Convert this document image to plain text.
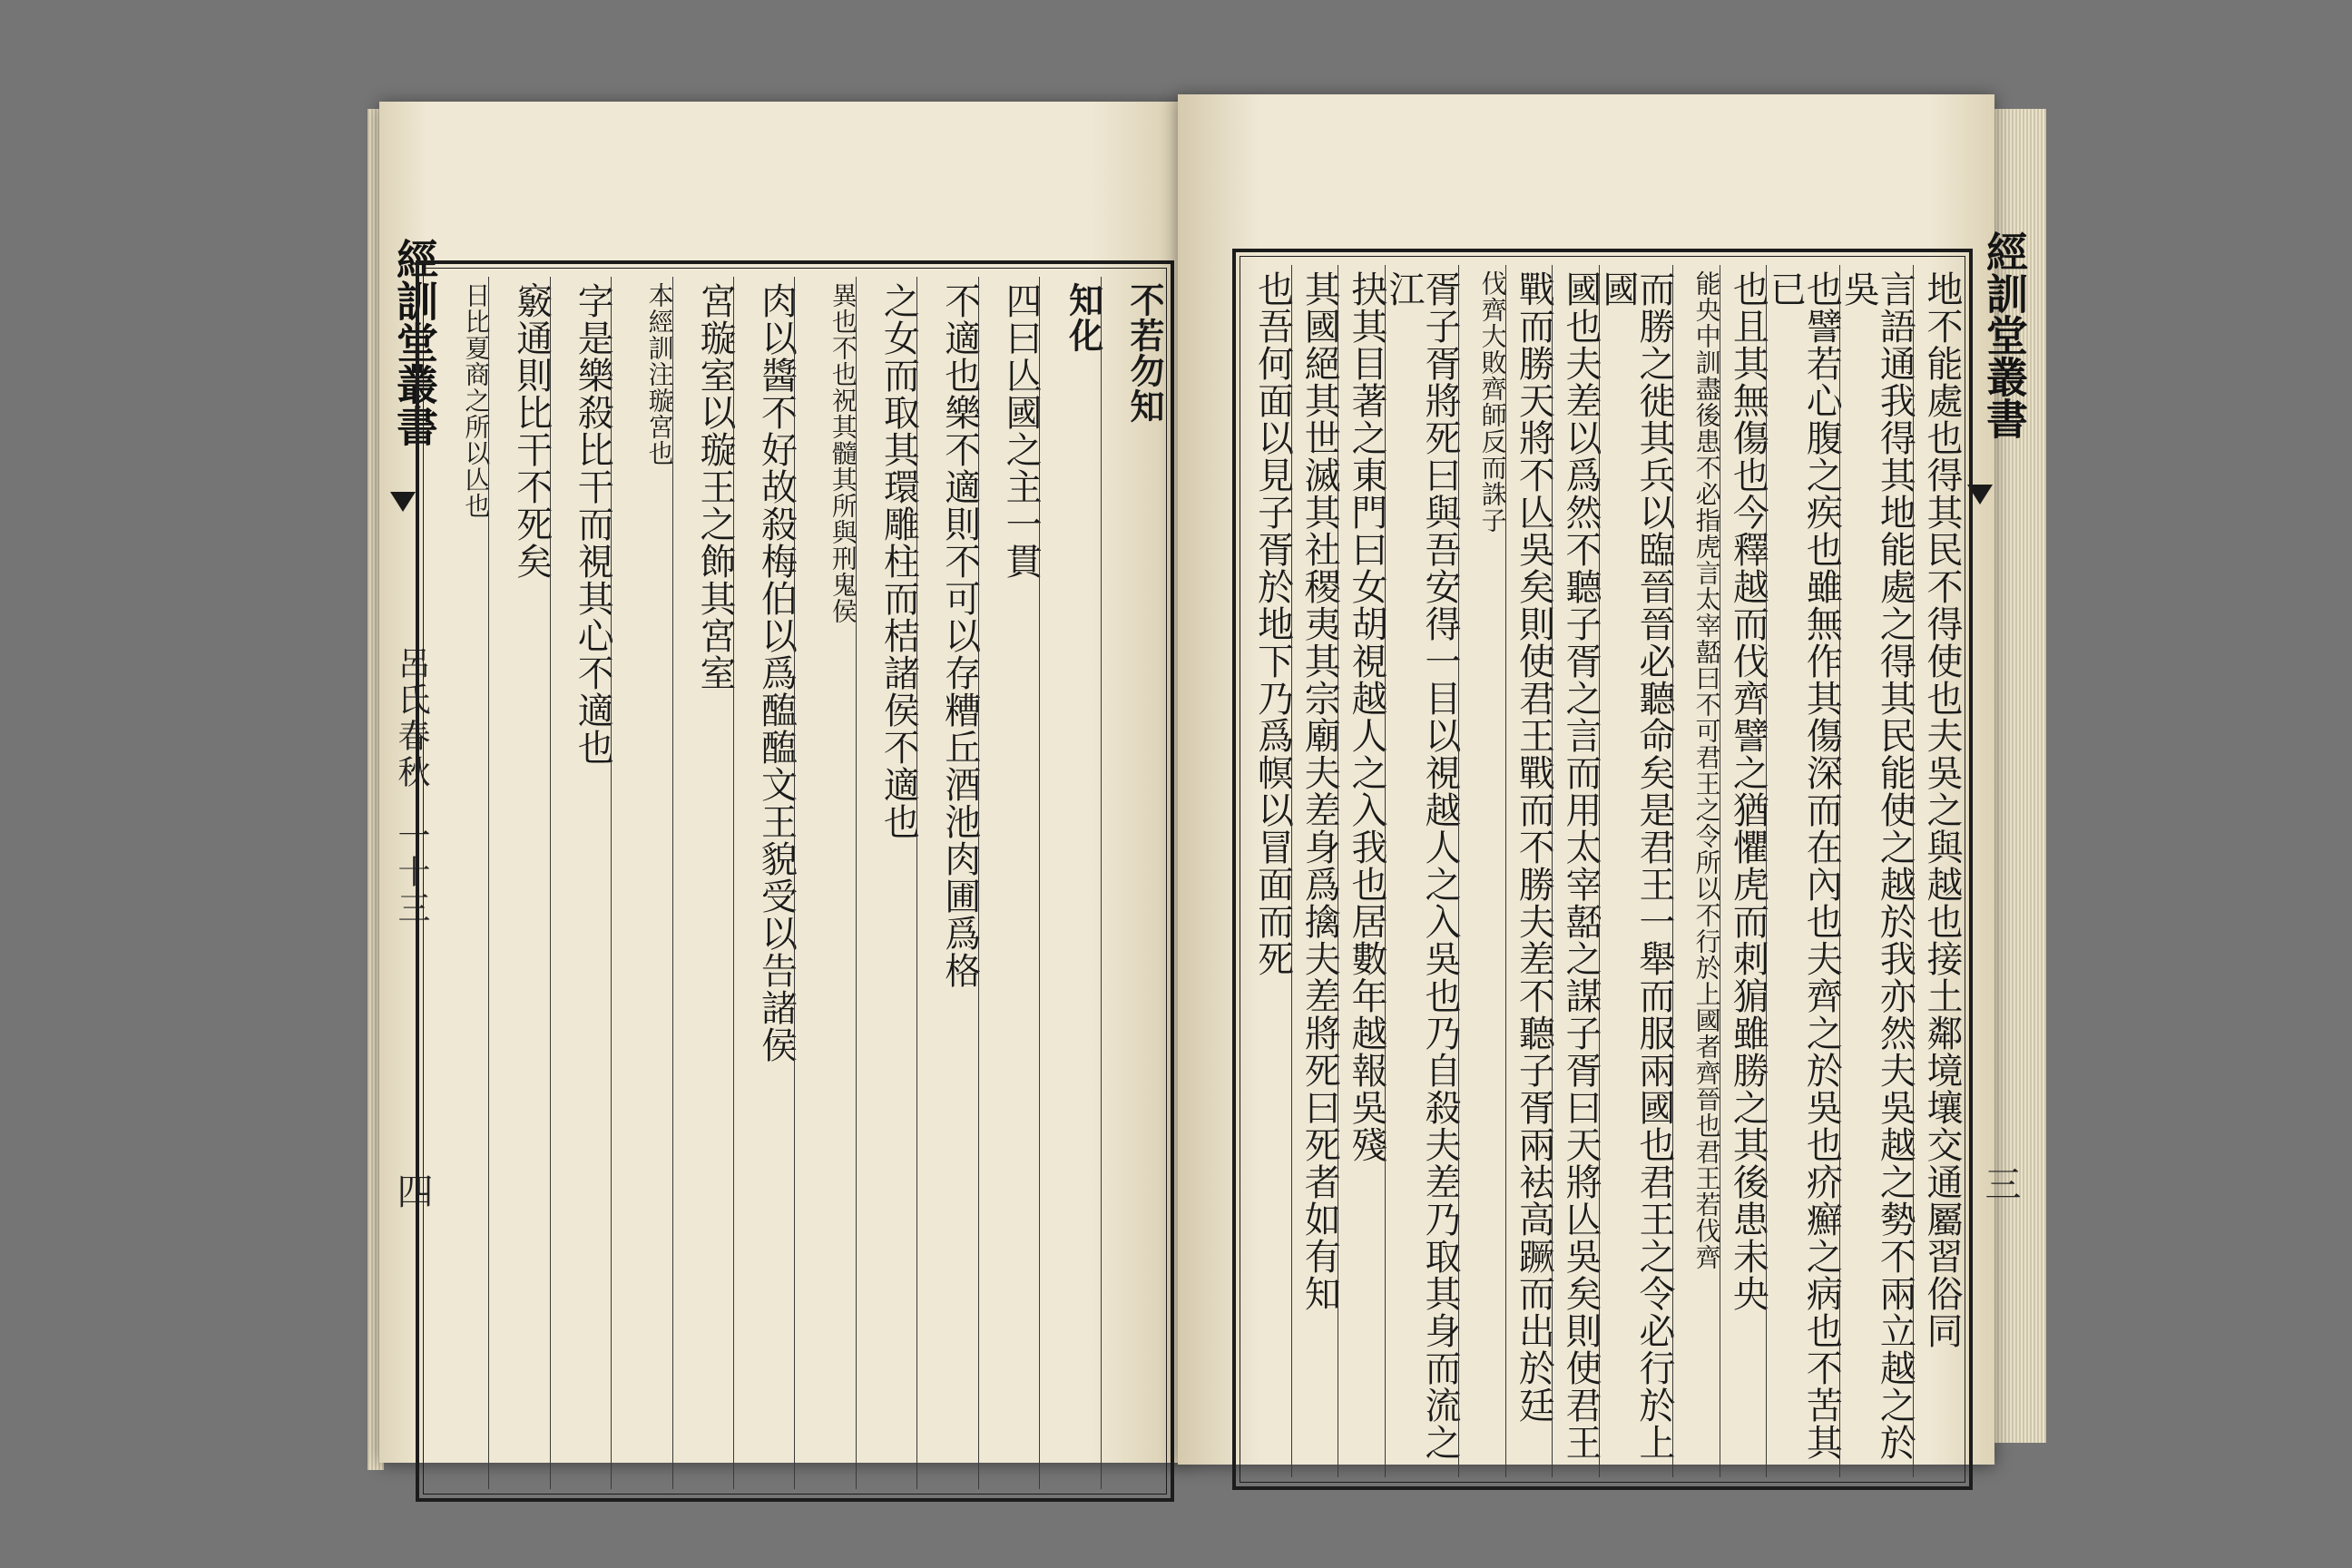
經訓堂叢書
呂氏春秋
一十三
四
不若勿知
知化
四曰亾國之主一貫
不適也樂不適則不可以存糟丘酒池肉圃爲格
之女而取其環雕柱而桔諸侯不適也
異也不也祝其髓其所與刑鬼侯
肉以醬不好故殺梅伯以爲醢醢文王貌受以告諸侯
宮璇室以璇王之飾其宮室
本經訓注璇宮也
字是樂殺比干而視其心不適也
竅通則比干不死矣
日比夏商之所以亾也	經訓堂叢書
三
地不能處也得其民不得使也夫吳之與越也接土鄰境壤交通屬習俗同
言語通我得其地能處之得其民能使之越於我亦然夫吳越之勢不兩立越之於吳
也譬若心腹之疾也雖無作其傷深而在內也夫齊之於吳也疥癬之病也不苦其已
也且其無傷也今釋越而伐齊譬之猶懼虎而刺猏雖勝之其後患未央
能央中訓盡後患不必指虎言太宰嚭曰不可君王之令所以不行於上國者齊晉也君王若伐齊
而勝之徙其兵以臨晉晉必聽命矣是君王一舉而服兩國也君王之令必行於上國
國也夫差以爲然不聽子胥之言而用太宰嚭之謀子胥曰天將亾吳矣則使君王
戰而勝天將不亾吳矣則使君王戰而不勝夫差不聽子胥兩袪高蹶而出於廷
伐齊大敗齊師反而誅子
胥子胥將死曰與吾安得一目以視越人之入吳也乃自殺夫差乃取其身而流之江
抉其目著之東門曰女胡視越人之入我也居數年越報吳殘
其國絕其世滅其社稷夷其宗廟夫差身爲擒夫差將死曰死者如有知
也吾何面以見子胥於地下乃爲幎以冒面而死
